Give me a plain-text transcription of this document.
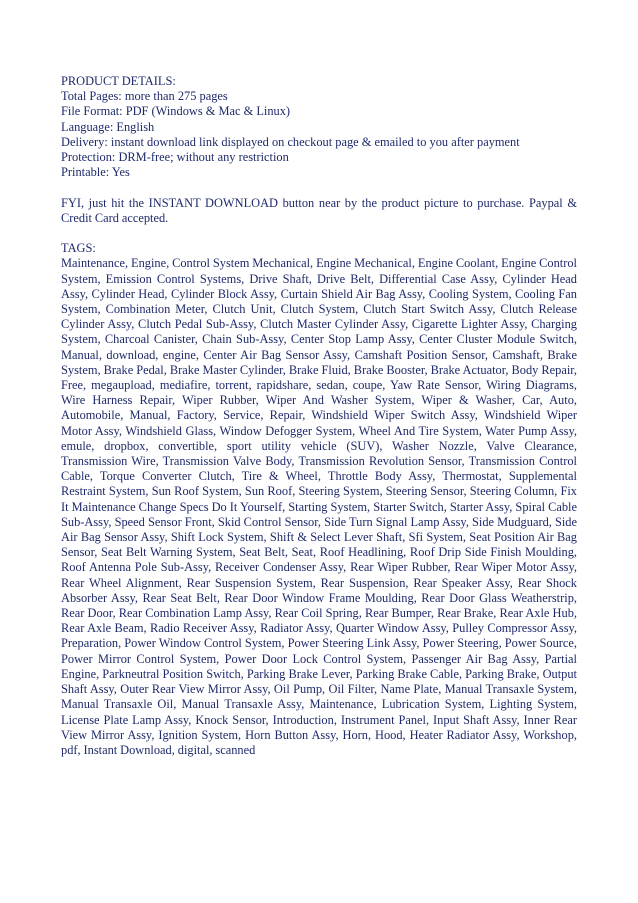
PRODUCT DETAILS:
Total Pages: more than 275 pages
File Format: PDF (Windows & Mac & Linux)
Language: English
Delivery: instant download link displayed on checkout page & emailed to you after payment
Protection: DRM-free; without any restriction
Printable: Yes
FYI, just hit the INSTANT DOWNLOAD button near by the product picture to purchase. Paypal & Credit Card accepted.
TAGS:
Maintenance, Engine, Control System Mechanical, Engine Mechanical, Engine Coolant, Engine Control System, Emission Control Systems, Drive Shaft, Drive Belt, Differential Case Assy, Cylinder Head Assy, Cylinder Head, Cylinder Block Assy, Curtain Shield Air Bag Assy, Cooling System, Cooling Fan System, Combination Meter, Clutch Unit, Clutch System, Clutch Start Switch Assy, Clutch Release Cylinder Assy, Clutch Pedal Sub-Assy, Clutch Master Cylinder Assy, Cigarette Lighter Assy, Charging System, Charcoal Canister, Chain Sub-Assy, Center Stop Lamp Assy, Center Cluster Module Switch, Manual, download, engine, Center Air Bag Sensor Assy, Camshaft Position Sensor, Camshaft, Brake System, Brake Pedal, Brake Master Cylinder, Brake Fluid, Brake Booster, Brake Actuator, Body Repair, Free, megaupload, mediafire, torrent, rapidshare, sedan, coupe, Yaw Rate Sensor, Wiring Diagrams, Wire Harness Repair, Wiper Rubber, Wiper And Washer System, Wiper & Washer, Car, Auto, Automobile, Manual, Factory, Service, Repair, Windshield Wiper Switch Assy, Windshield Wiper Motor Assy, Windshield Glass, Window Defogger System, Wheel And Tire System, Water Pump Assy, emule, dropbox, convertible, sport utility vehicle (SUV), Washer Nozzle, Valve Clearance, Transmission Wire, Transmission Valve Body, Transmission Revolution Sensor, Transmission Control Cable, Torque Converter Clutch, Tire & Wheel, Throttle Body Assy, Thermostat, Supplemental Restraint System, Sun Roof System, Sun Roof, Steering System, Steering Sensor, Steering Column, Fix It Maintenance Change Specs Do It Yourself, Starting System, Starter Switch, Starter Assy, Spiral Cable Sub-Assy, Speed Sensor Front, Skid Control Sensor, Side Turn Signal Lamp Assy, Side Mudguard, Side Air Bag Sensor Assy, Shift Lock System, Shift & Select Lever Shaft, Sfi System, Seat Position Air Bag Sensor, Seat Belt Warning System, Seat Belt, Seat, Roof Headlining, Roof Drip Side Finish Moulding, Roof Antenna Pole Sub-Assy, Receiver Condenser Assy, Rear Wiper Rubber, Rear Wiper Motor Assy, Rear Wheel Alignment, Rear Suspension System, Rear Suspension, Rear Speaker Assy, Rear Shock Absorber Assy, Rear Seat Belt, Rear Door Window Frame Moulding, Rear Door Glass Weatherstrip, Rear Door, Rear Combination Lamp Assy, Rear Coil Spring, Rear Bumper, Rear Brake, Rear Axle Hub, Rear Axle Beam, Radio Receiver Assy, Radiator Assy, Quarter Window Assy, Pulley Compressor Assy, Preparation, Power Window Control System, Power Steering Link Assy, Power Steering, Power Source, Power Mirror Control System, Power Door Lock Control System, Passenger Air Bag Assy, Partial Engine, Parkneutral Position Switch, Parking Brake Lever, Parking Brake Cable, Parking Brake, Output Shaft Assy, Outer Rear View Mirror Assy, Oil Pump, Oil Filter, Name Plate, Manual Transaxle System, Manual Transaxle Oil, Manual Transaxle Assy, Maintenance, Lubrication System, Lighting System, License Plate Lamp Assy, Knock Sensor, Introduction, Instrument Panel, Input Shaft Assy, Inner Rear View Mirror Assy, Ignition System, Horn Button Assy, Horn, Hood, Heater Radiator Assy, Workshop, pdf, Instant Download, digital, scanned
